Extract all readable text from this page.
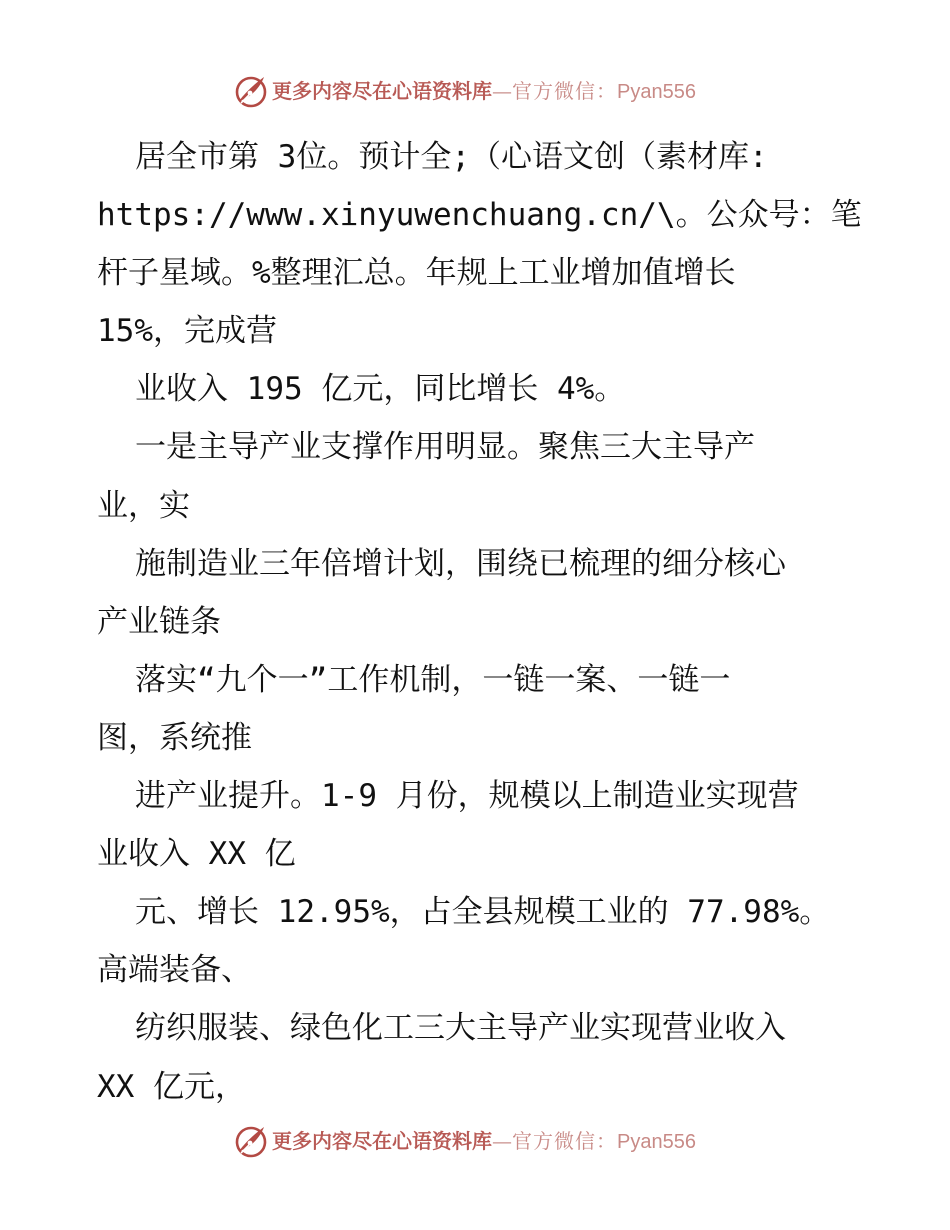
更多内容尽在心语资料库—官方微信：Pyan556
居全市第 3位。预计全;（心语文创（素材库:
https://www.xinyuwenchuang.cn/\。公众号：笔
杆子星域。%整理汇总。年规上工业增加值增长
15%，完成营
业收入 195 亿元，同比增长 4%。
一是主导产业支撑作用明显。聚焦三大主导产
业，实
施制造业三年倍增计划，围绕已梳理的细分核心
产业链条
落实“九个一”工作机制，一链一案、一链一
图，系统推
进产业提升。1-9 月份，规模以上制造业实现营
业收入 XX 亿
元、增长 12.95%，占全县规模工业的 77.98%。
高端装备、
纺织服装、绿色化工三大主导产业实现营业收入
XX 亿元，
更多内容尽在心语资料库—官方微信：Pyan556
